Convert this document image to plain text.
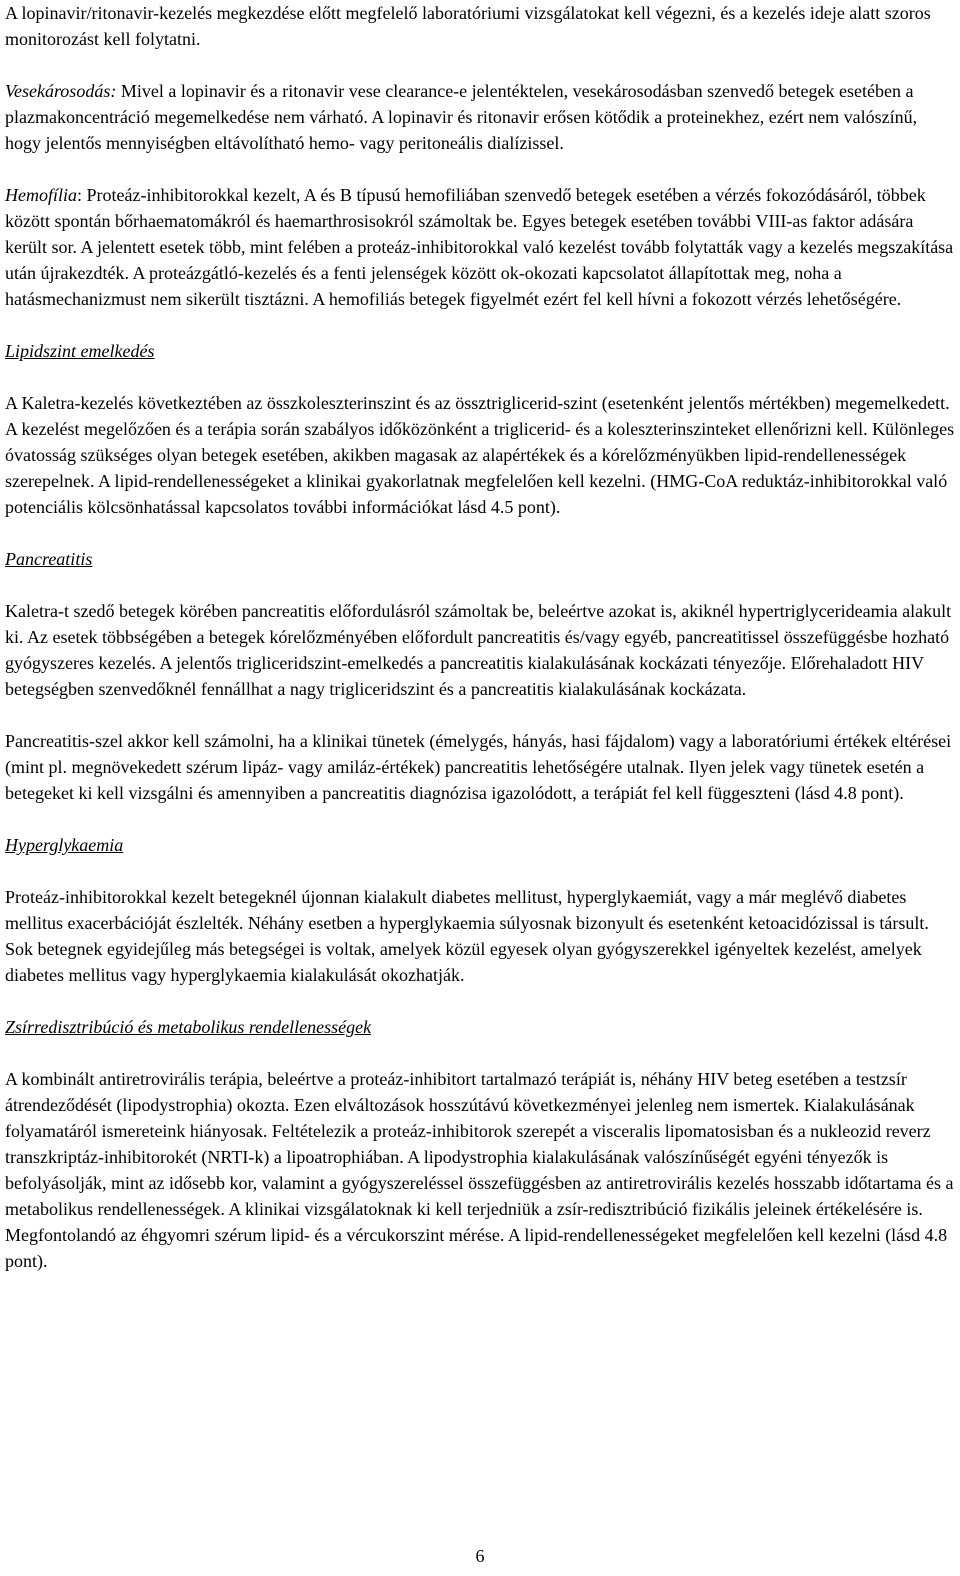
A lopinavir/ritonavir-kezelés megkezdése előtt megfelelő laboratóriumi vizsgálatokat kell végezni, és a kezelés ideje alatt szoros monitorozást kell folytatni.

Vesekárosodás: Mivel a lopinavir és a ritonavir vese clearance-e jelentéktelen, vesekárosodásban szenvedő betegek esetében a plazmakoncentráció megemelkedése nem várható. A lopinavir és ritonavir erősen kötődik a proteinekhez, ezért nem valószínű, hogy jelentős mennyiségben eltávolítható hemo- vagy peritoneális dialízissel.

Hemofília: Proteáz-inhibitorokkal kezelt, A és B típusú hemofiliában szenvedő betegek esetében a vérzés fokozódásáról, többek között spontán bőrhaematomákról és haemarthrosisokról számoltak be. Egyes betegek esetében további VIII-as faktor adására került sor. A jelentett esetek több, mint felében a proteáz-inhibitorokkal való kezelést tovább folytatták vagy a kezelés megszakítása után újrakezdték. A proteázgátló-kezelés és a fenti jelenségek között ok-okozati kapcsolatot állapítottak meg, noha a hatásmechanizmust nem sikerült tisztázni. A hemofiliás betegek figyelmét ezért fel kell hívni a fokozott vérzés lehetőségére.

Lipidszint emelkedés

A Kaletra-kezelés következtében az összkoleszterinszint és az össztriglicerid-szint (esetenként jelentős mértékben) megemelkedett. A kezelést megelőzően és a terápia során szabályos időközönként a triglicerid- és a koleszterinszinteket ellenőrizni kell. Különleges óvatosság szükséges olyan betegek esetében, akikben magasak az alapértékek és a kórelőzményükben lipid-rendellenességek szerepelnek. A lipid-rendellenességeket a klinikai gyakorlatnak megfelelően kell kezelni. (HMG-CoA reduktáz-inhibitorokkal való potenciális kölcsönhatással kapcsolatos további információkat lásd 4.5 pont).

Pancreatitis

Kaletra-t szedő betegek körében pancreatitis előfordulásról számoltak be, beleértve azokat is, akiknél hypertriglycerideamia alakult ki. Az esetek többségében a betegek kórelőzményében előfordult pancreatitis és/vagy egyéb, pancreatitissel összefüggésbe hozható gyógyszeres kezelés. A jelentős trigliceridszint-emelkedés a pancreatitis kialakulásának kockázati tényezője. Előrehaladott HIV betegségben szenvedőknél fennállhat a nagy trigliceridszint és a pancreatitis kialakulásának kockázata.

Pancreatitis-szel akkor kell számolni, ha a klinikai tünetek (émelygés, hányás, hasi fájdalom) vagy a laboratóriumi értékek eltérései (mint pl. megnövekedett szérum lipáz- vagy amiláz-értékek) pancreatitis lehetőségére utalnak. Ilyen jelek vagy tünetek esetén a betegeket ki kell vizsgálni és amennyiben a pancreatitis diagnózisa igazolódott, a terápiát fel kell függeszteni (lásd 4.8 pont).

Hyperglykaemia

Proteáz-inhibitorokkal kezelt betegeknél újonnan kialakult diabetes mellitust, hyperglykaemiát, vagy a már meglévő diabetes mellitus exacerbációját észlelték. Néhány esetben a hyperglykaemia súlyosnak bizonyult és esetenként ketoacidózissal is társult. Sok betegnek egyidejűleg más betegségei is voltak, amelyek közül egyesek olyan gyógyszerekkel igényeltek kezelést, amelyek diabetes mellitus vagy hyperglykaemia kialakulását okozhatják.

Zsírredisztribúció és metabolikus rendellenességek

A kombinált antiretrovirális terápia, beleértve a proteáz-inhibitort tartalmazó terápiát is, néhány HIV beteg esetében a testzsír átrendeződését (lipodystrophia) okozta. Ezen elváltozások hosszútávú következményei jelenleg nem ismertek. Kialakulásának folyamatáról ismereteink hiányosak. Feltételezik a proteáz-inhibitorok szerepét a visceralis lipomatosisban és a nukleozid reverz transzkriptáz-inhibitorokét (NRTI-k) a lipoatrophiában. A lipodystrophia kialakulásának valószínűségét egyéni tényezők is befolyásolják, mint az idősebb kor, valamint a gyógyszereléssel összefüggésben az antiretrovirális kezelés hosszabb időtartama és a metabolikus rendellenességek. A klinikai vizsgálatoknak ki kell terjedniük a zsír-redisztribúció fizikális jeleinek értékelésére is. Megfontolandó az éhgyomri szérum lipid- és a vércukorszint mérése. A lipid-rendellenességeket megfelelően kell kezelni (lásd 4.8 pont).

6
